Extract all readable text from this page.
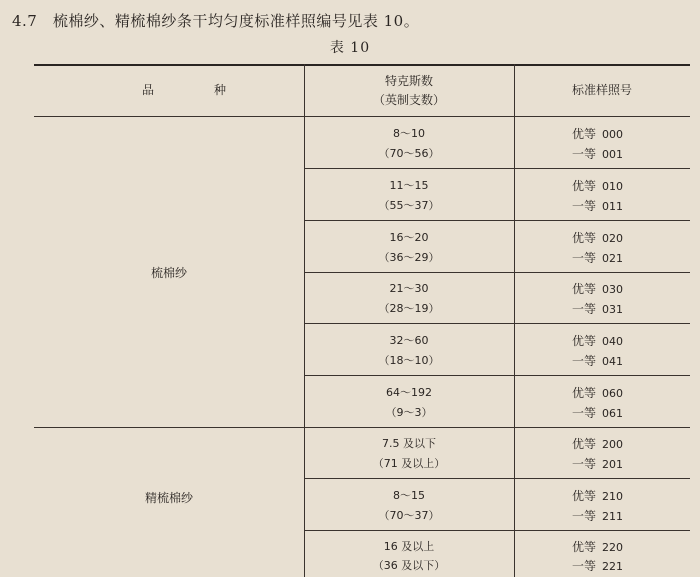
4.7　梳棉纱、精梳棉纱条干均匀度标准样照编号见表 10。
表 10
品　　　　　种
特克斯数
（英制支数）
标准样照号
梳棉纱
精梳棉纱
8～10
（70～56）
优等 000
一等 001
11～15
（55～37）
优等 010
一等 011
16～20
（36～29）
优等 020
一等 021
21～30
（28～19）
优等 030
一等 031
32～60
（18～10）
优等 040
一等 041
64～192
（9～3）
优等 060
一等 061
7.5 及以下
（71 及以上）
优等 200
一等 201
8～15
（70～37）
优等 210
一等 211
16 及以上
（36 及以下）
优等 220
一等 221
